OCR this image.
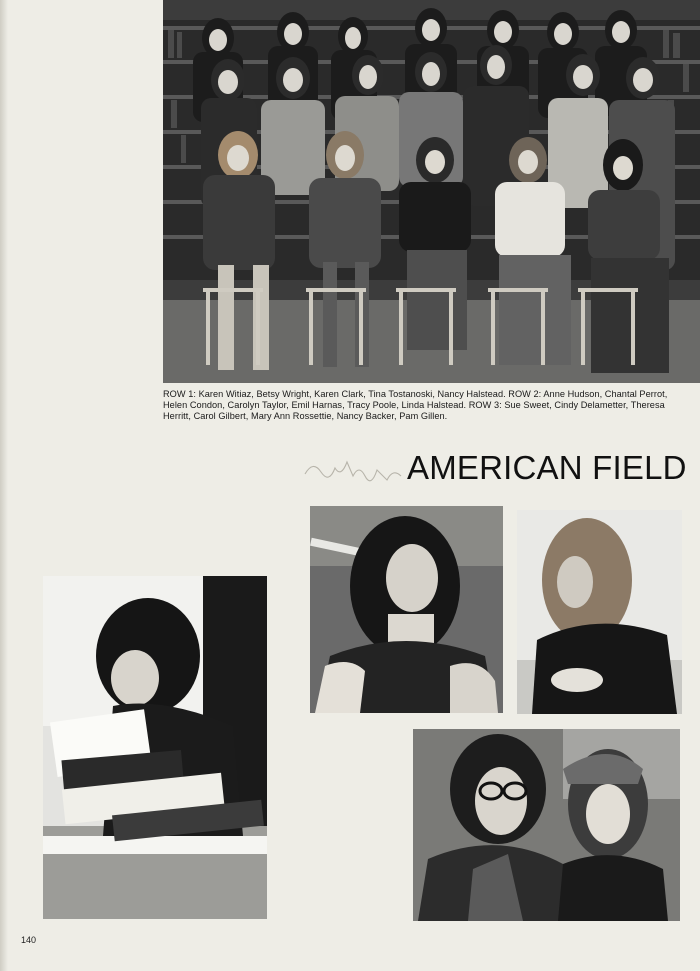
ROW 1: Karen Witiaz, Betsy Wright, Karen Clark, Tina Tostanoski, Nancy Halstead. ROW 2: Anne Hudson, Chantal Perrot, Helen Condon, Carolyn Taylor, Emil Harnas, Tracy Poole, Linda Halstead. ROW 3: Sue Sweet, Cindy Delametter, Theresa Herritt, Carol Gilbert, Mary Ann Rossettie, Nancy Backer, Pam Gillen.
AMERICAN FIELD
140
